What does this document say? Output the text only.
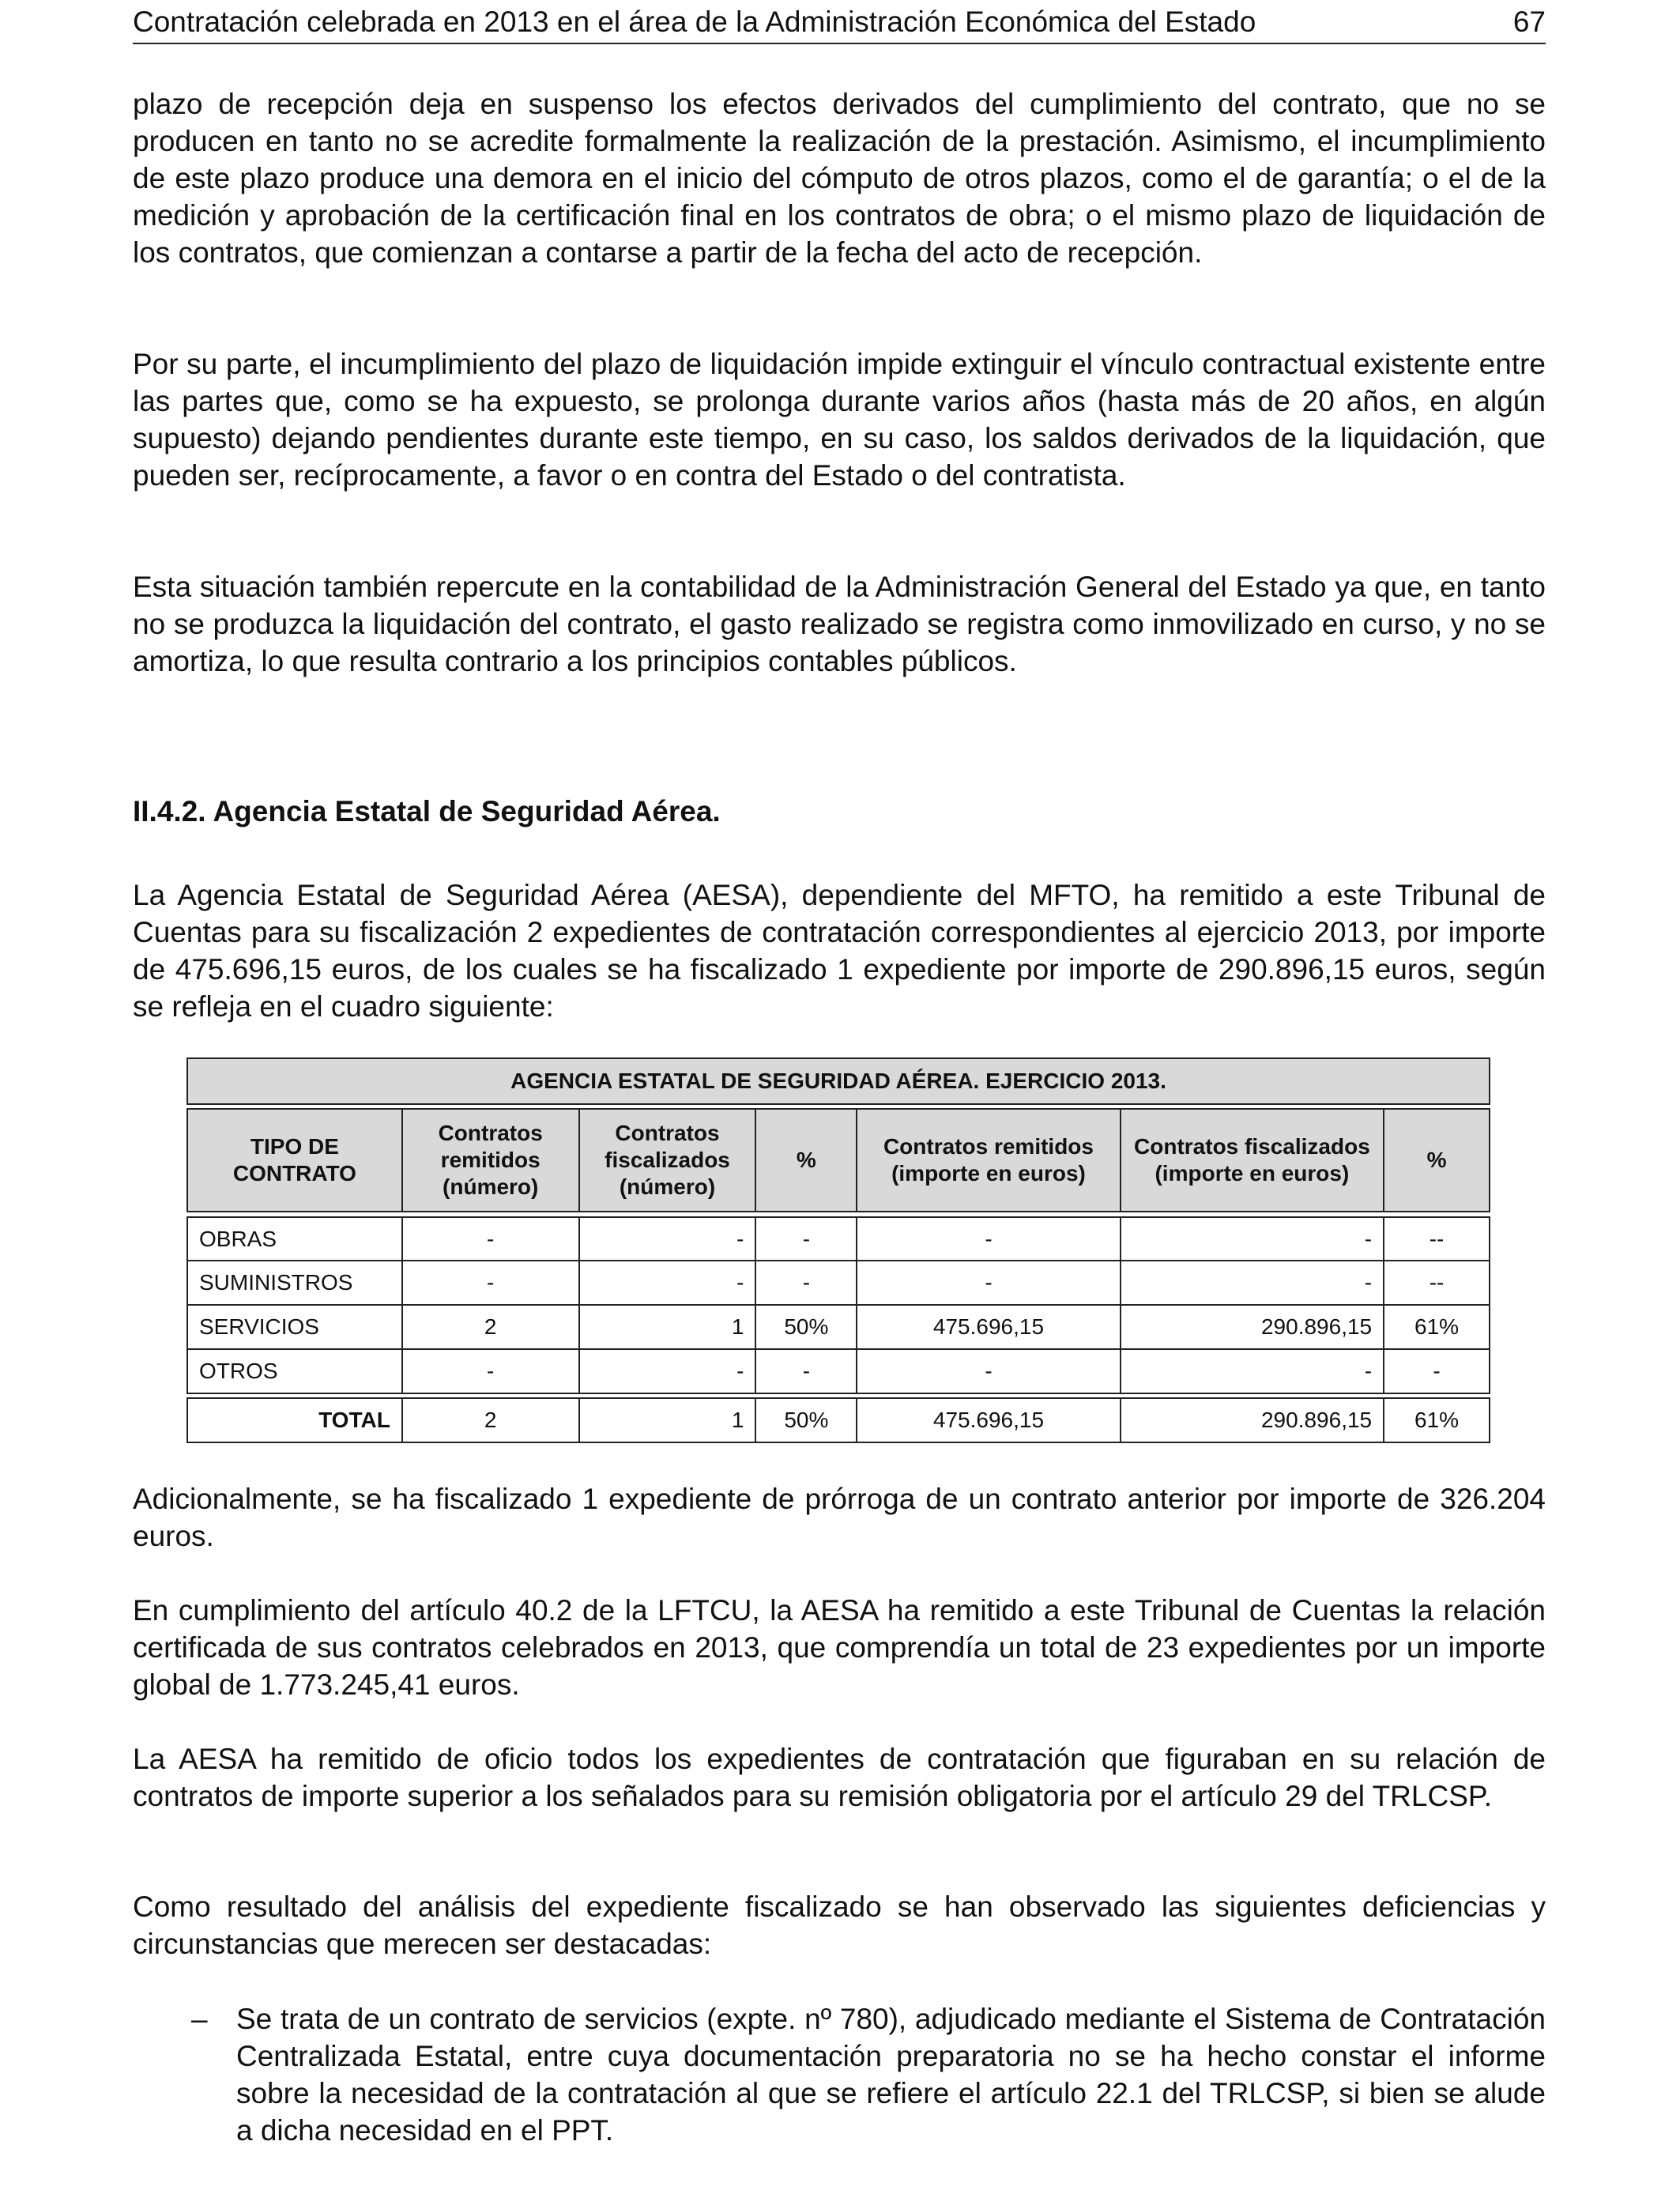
Contratación celebrada en 2013 en el área de la Administración Económica del Estado	67

plazo de recepción deja en suspenso los efectos derivados del cumplimiento del contrato, que no se producen en tanto no se acredite formalmente la realización de la prestación. Asimismo, el incumplimiento de este plazo produce una demora en el inicio del cómputo de otros plazos, como el de garantía; o el de la medición y aprobación de la certificación final en los contratos de obra; o el mismo plazo de liquidación de los contratos, que comienzan a contarse a partir de la fecha del acto de recepción.

Por su parte, el incumplimiento del plazo de liquidación impide extinguir el vínculo contractual existente entre las partes que, como se ha expuesto, se prolonga durante varios años (hasta más de 20 años, en algún supuesto) dejando pendientes durante este tiempo, en su caso, los saldos derivados de la liquidación, que pueden ser, recíprocamente, a favor o en contra del Estado o del contratista.

Esta situación también repercute en la contabilidad de la Administración General del Estado ya que, en tanto no se produzca la liquidación del contrato, el gasto realizado se registra como inmovilizado en curso, y no se amortiza, lo que resulta contrario a los principios contables públicos.

II.4.2. Agencia Estatal de Seguridad Aérea.

La Agencia Estatal de Seguridad Aérea (AESA), dependiente del MFTO, ha remitido a este Tribunal de Cuentas para su fiscalización 2 expedientes de contratación correspondientes al ejercicio 2013, por importe de 475.696,15 euros, de los cuales se ha fiscalizado 1 expediente por importe de 290.896,15 euros, según se refleja en el cuadro siguiente:

AGENCIA ESTATAL DE SEGURIDAD AÉREA. EJERCICIO 2013.						

TIPO DE CONTRATO	Contratos remitidos (número)	Contratos fiscalizados (número)	%	Contratos remitidos (importe en euros)	Contratos fiscalizados (importe en euros)	%

OBRAS	-	-	-	-	-	--
SUMINISTROS	-	-	-	-	-	--
SERVICIOS	2	1	50%	475.696,15	290.896,15	61%
OTROS	-	-	-	-	-	-

TOTAL	2	1	50%	475.696,15	290.896,15	61%

Adicionalmente, se ha fiscalizado 1 expediente de prórroga de un contrato anterior por importe de 326.204 euros.

En cumplimiento del artículo 40.2 de la LFTCU, la AESA ha remitido a este Tribunal de Cuentas la relación certificada de sus contratos celebrados en 2013, que comprendía un total de 23 expedientes por un importe global de 1.773.245,41 euros.

La AESA ha remitido de oficio todos los expedientes de contratación que figuraban en su relación de contratos de importe superior a los señalados para su remisión obligatoria por el artículo 29 del TRLCSP.

Como resultado del análisis del expediente fiscalizado se han observado las siguientes deficiencias y circunstancias que merecen ser destacadas:

– Se trata de un contrato de servicios (expte. nº 780), adjudicado mediante el Sistema de Contratación Centralizada Estatal, entre cuya documentación preparatoria no se ha hecho constar el informe sobre la necesidad de la contratación al que se refiere el artículo 22.1 del TRLCSP, si bien se alude a dicha necesidad en el PPT.
